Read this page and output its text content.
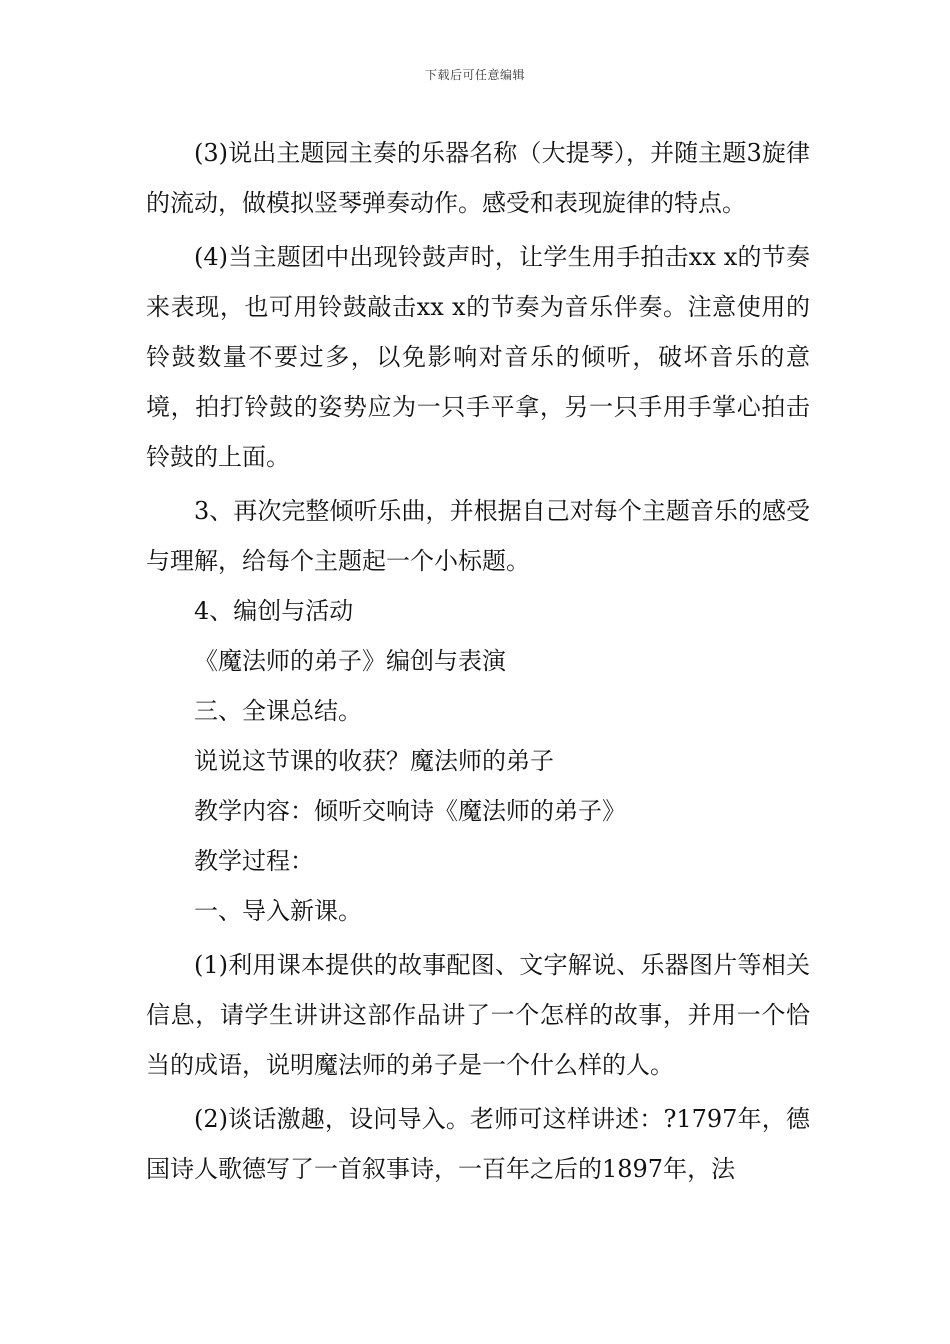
下载后可任意编辑

(3)说出主题园主奏的乐器名称（大提琴），并随主题3旋律的流动，做模拟竖琴弹奏动作。感受和表现旋律的特点。

(4)当主题团中出现铃鼓声时，让学生用手拍击xx x的节奏来表现，也可用铃鼓敲击xx x的节奏为音乐伴奏。注意使用的铃鼓数量不要过多，以免影响对音乐的倾听，破坏音乐的意境，拍打铃鼓的姿势应为一只手平拿，另一只手用手掌心拍击铃鼓的上面。

3、再次完整倾听乐曲，并根据自己对每个主题音乐的感受与理解，给每个主题起一个小标题。

4、编创与活动

《魔法师的弟子》编创与表演

三、全课总结。

说说这节课的收获？魔法师的弟子

教学内容：倾听交响诗《魔法师的弟子》

教学过程：

一、导入新课。

(1)利用课本提供的故事配图、文字解说、乐器图片等相关信息，请学生讲讲这部作品讲了一个怎样的故事，并用一个恰当的成语，说明魔法师的弟子是一个什么样的人。

(2)谈话激趣，设问导入。老师可这样讲述：?1797年，德国诗人歌德写了一首叙事诗，一百年之后的1897年，法
